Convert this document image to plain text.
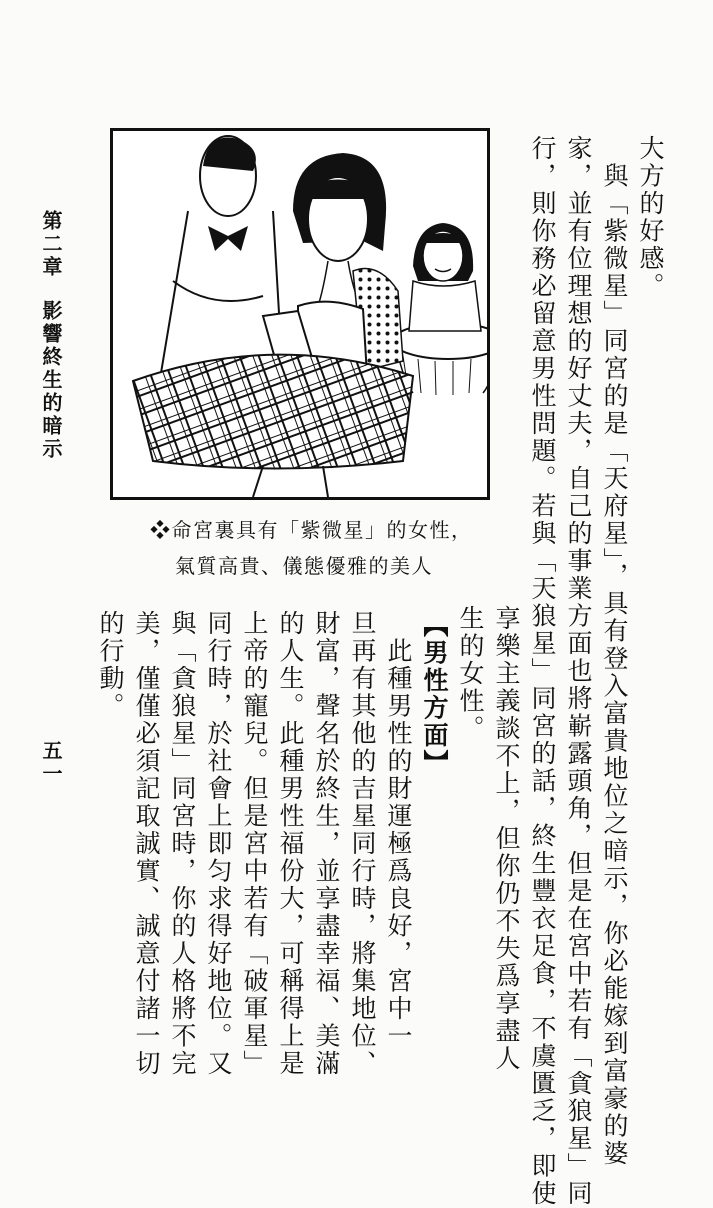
第二章
影響終生的暗示
五一
大方的好感。
　與「紫微星」同宮的是「天府星」，具有登入富貴地位之暗示，你必能嫁到富豪的婆
家，並有位理想的好丈夫，自己的事業方面也將嶄露頭角，但是在宮中若有「貪狼星」同
行，則你務必留意男性問題。若與「天狼星」同宮的話，終生豐衣足食，不虞匱乏，即使
享樂主義談不上，但你仍不失爲享盡人
生的女性。
【男性方面】
　此種男性的財運極爲良好，宮中一
旦再有其他的吉星同行時，將集地位、
財富，聲名於終生，並享盡幸福、美滿
的人生。此種男性福份大，可稱得上是
上帝的寵兒。但是宮中若有「破軍星」
同行時，於社會上即匀求得好地位。又
與「貪狼星」同宮時，你的人格將不完
美，僅僅必須記取誠實、誠意付諸一切
的行動。
❖命宮裏具有「紫微星」的女性，
氣質高貴、儀態優雅的美人
